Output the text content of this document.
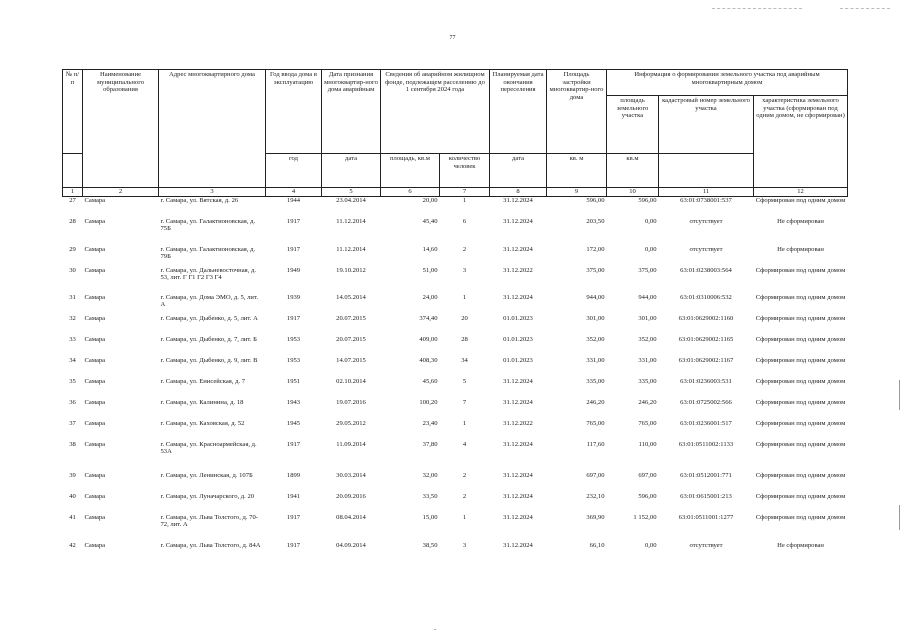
77
№ п/п	Наименование муниципального образования	Адрес многоквартирного дома	Год ввода дома в эксплуатацию	Дата признания многоквартир-ного дома аварийным	Сведения об аварийном жилищном фонде, подлежащем расселению до 1 сентября 2024 года		Планируемая дата окончания переселения	Площадь застройки многоквартир-ного дома	Информация о формировании земельного участка под аварийным многоквартирным домом		
									площадь земельного участка	кадастровый номер земельного участка	характеристика земельного участка (сформирован под одним домом, не сформирован)
			год	дата	площадь, кв.м	количество человек	дата	кв. м	кв.м		
1	2	3	4	5	6	7	8	9	10	11	12
27	Самара	г. Самара, ул. Вятская, д. 26	1944	23.04.2014	20,00	1	31.12.2024	596,00	596,00	63:01:0738001:537	Сформирован под одним домом
28	Самара	г. Самара, ул. Галактионовская, д. 75Б	1917	11.12.2014	45,40	6	31.12.2024	203,50	0,00	отсутствует	Не сформирован
29	Самара	г. Самара, ул. Галактионовская, д. 79Б	1917	11.12.2014	14,60	2	31.12.2024	172,00	0,00	отсутствует	Не сформирован
30	Самара	г. Самара, ул. Дальневосточная, д. 53, лит. Г Г1 Г2 Г3 Г4	1949	19.10.2012	51,00	3	31.12.2022	375,00	375,00	63:01:0238003:564	Сформирован под одним домом
31	Самара	г. Самара, ул. Дома ЭМО, д. 5, лит. А	1939	14.05.2014	24,00	1	31.12.2024	944,00	944,00	63:01:0310006:532	Сформирован под одним домом
32	Самара	г. Самара, ул. Дыбенко, д. 5, лит. А	1917	20.07.2015	374,40	20	01.01.2023	301,00	301,00	63:01:0629002:1160	Сформирован под одним домом
33	Самара	г. Самара, ул. Дыбенко, д. 7, лит. Б	1953	20.07.2015	409,00	28	01.01.2023	352,00	352,00	63:01:0629002:1165	Сформирован под одним домом
34	Самара	г. Самара, ул. Дыбенко, д. 9, лит. В	1953	14.07.2015	408,30	34	01.01.2023	331,00	331,00	63:01:0629002:1167	Сформирован под одним домом
35	Самара	г. Самара, ул. Енисейская, д. 7	1951	02.10.2014	45,60	5	31.12.2024	335,00	335,00	63:01:0236003:531	Сформирован под одним домом
36	Самара	г. Самара, ул. Калинина, д. 18	1943	19.07.2016	100,20	7	31.12.2024	246,20	246,20	63:01:0725002:566	Сформирован под одним домом
37	Самара	г. Самара, ул. Каховская, д. 52	1945	29.05.2012	23,40	1	31.12.2022	765,00	765,00	63:01:0236001:517	Сформирован под одним домом
38	Самара	г. Самара, ул. Красноармейская, д. 53А	1917	11.09.2014	37,80	4	31.12.2024	117,60	110,00	63:01:0511002:1133	Сформирован под одним домом
39	Самара	г. Самара, ул. Ленинская, д. 107Б	1899	30.03.2014	32,00	2	31.12.2024	697,00	697,00	63:01:0512001:771	Сформирован под одним домом
40	Самара	г. Самара, ул. Луначарского, д. 20	1941	20.09.2016	33,50	2	31.12.2024	232,10	596,00	63:01:0615001:213	Сформирован под одним домом
41	Самара	г. Самара, ул. Льва Толстого, д. 70-72, лит. А	1917	08.04.2014	15,00	1	31.12.2024	369,90	1 152,00	63:01:0511001:1277	Сформирован под одним домом
42	Самара	г. Самара, ул. Льва Толстого, д. 84А	1917	04.09.2014	38,50	3	31.12.2024	66,10	0,00	отсутствует	Не сформирован
ˇ
